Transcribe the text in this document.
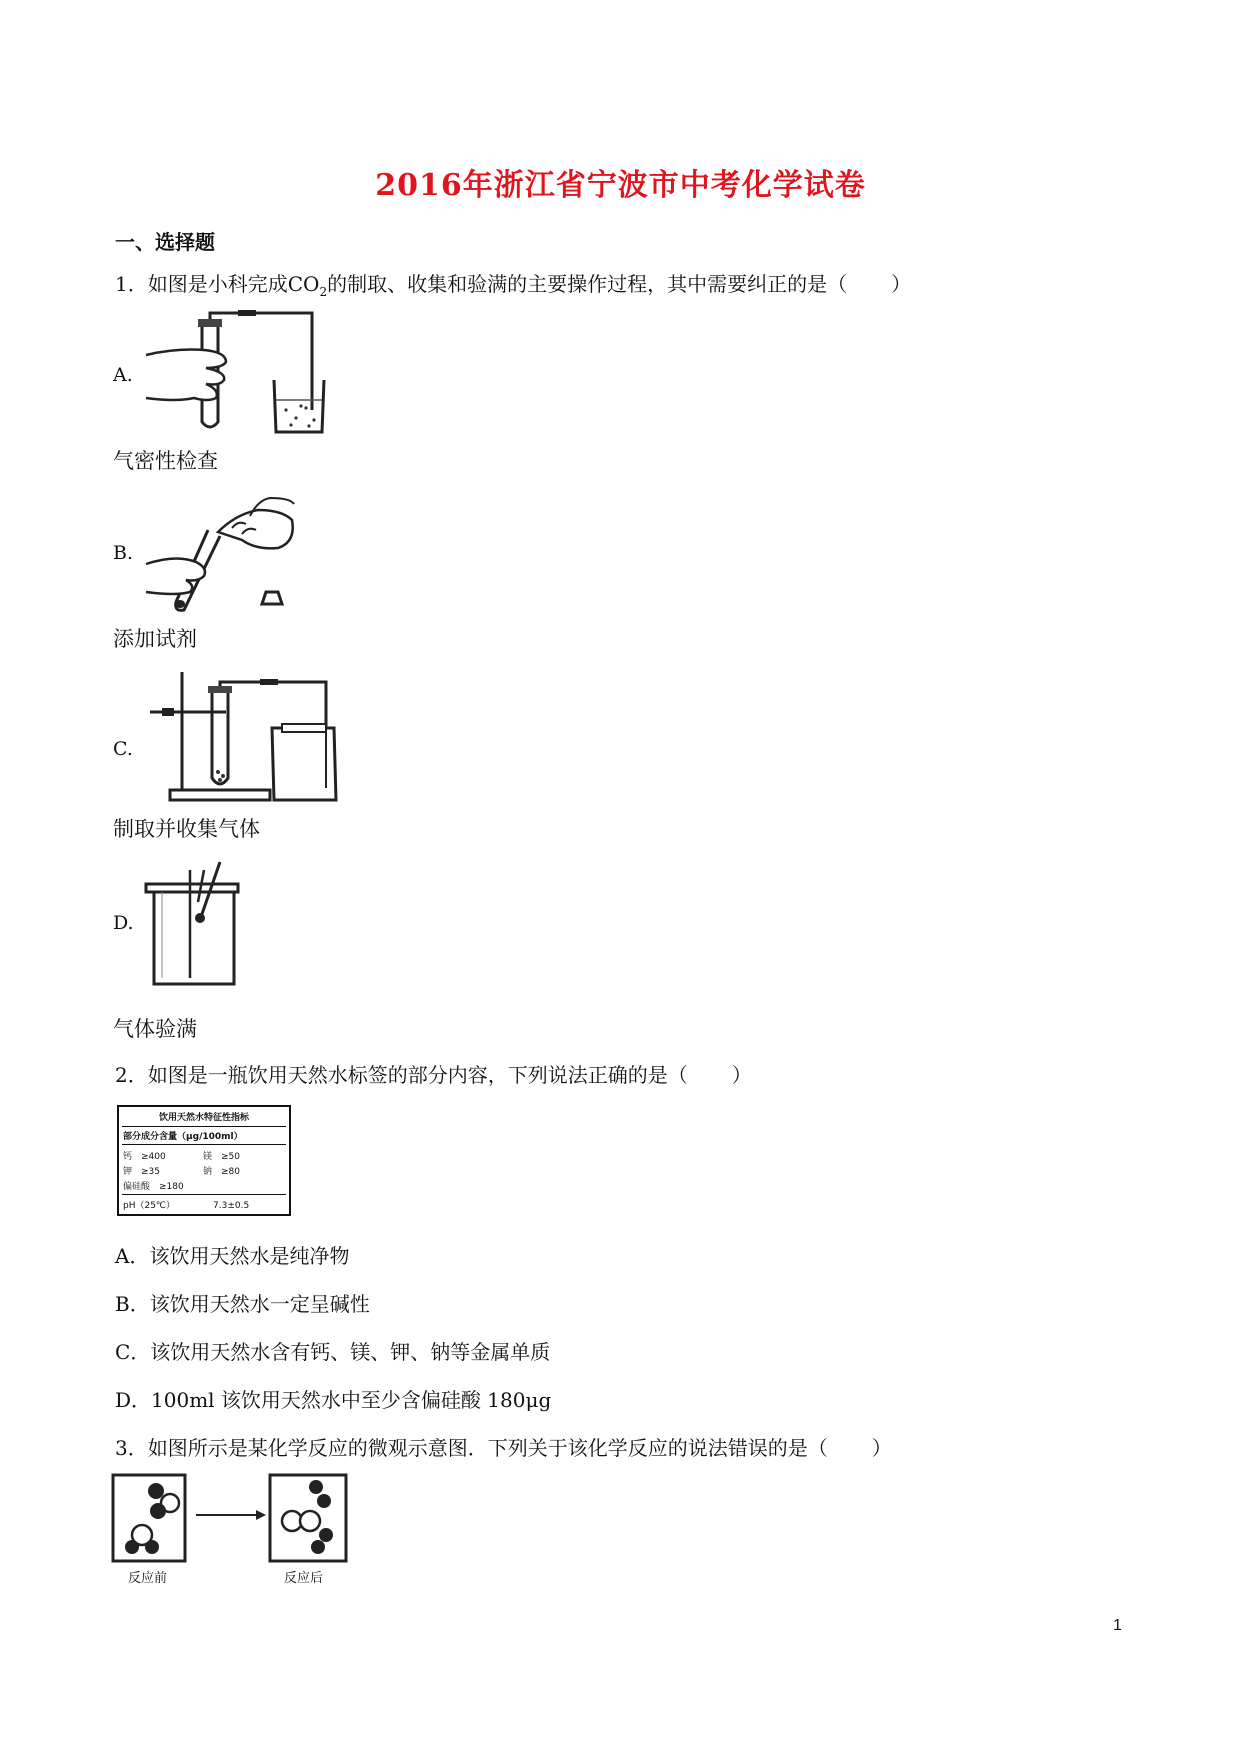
2016年浙江省宁波市中考化学试卷
一、选择题
1．如图是小科完成$CO_2$的制取、收集和验满的主要操作过程，其中需要纠正的是（ ）
A.
气密性检查
B.
添加试剂
C.
制取并收集气体
D.
气体验满
2．如图是一瓶饮用天然水标签的部分内容，下列说法正确的是（ ）
饮用天然水特征性指标
部分成分含量（μg/100ml）
钙　≥400	镁　≥50
钾　≥35	钠　≥80
偏硅酸　≥180
pH（25℃）	7.3±0.5
A．该饮用天然水是纯净物
B．该饮用天然水一定呈碱性
C．该饮用天然水含有钙、镁、钾、钠等金属单质
D．100ml 该饮用天然水中至少含偏硅酸 180μg
3．如图所示是某化学反应的微观示意图．下列关于该化学反应的说法错误的是（ ）
反应前	反应后
1
